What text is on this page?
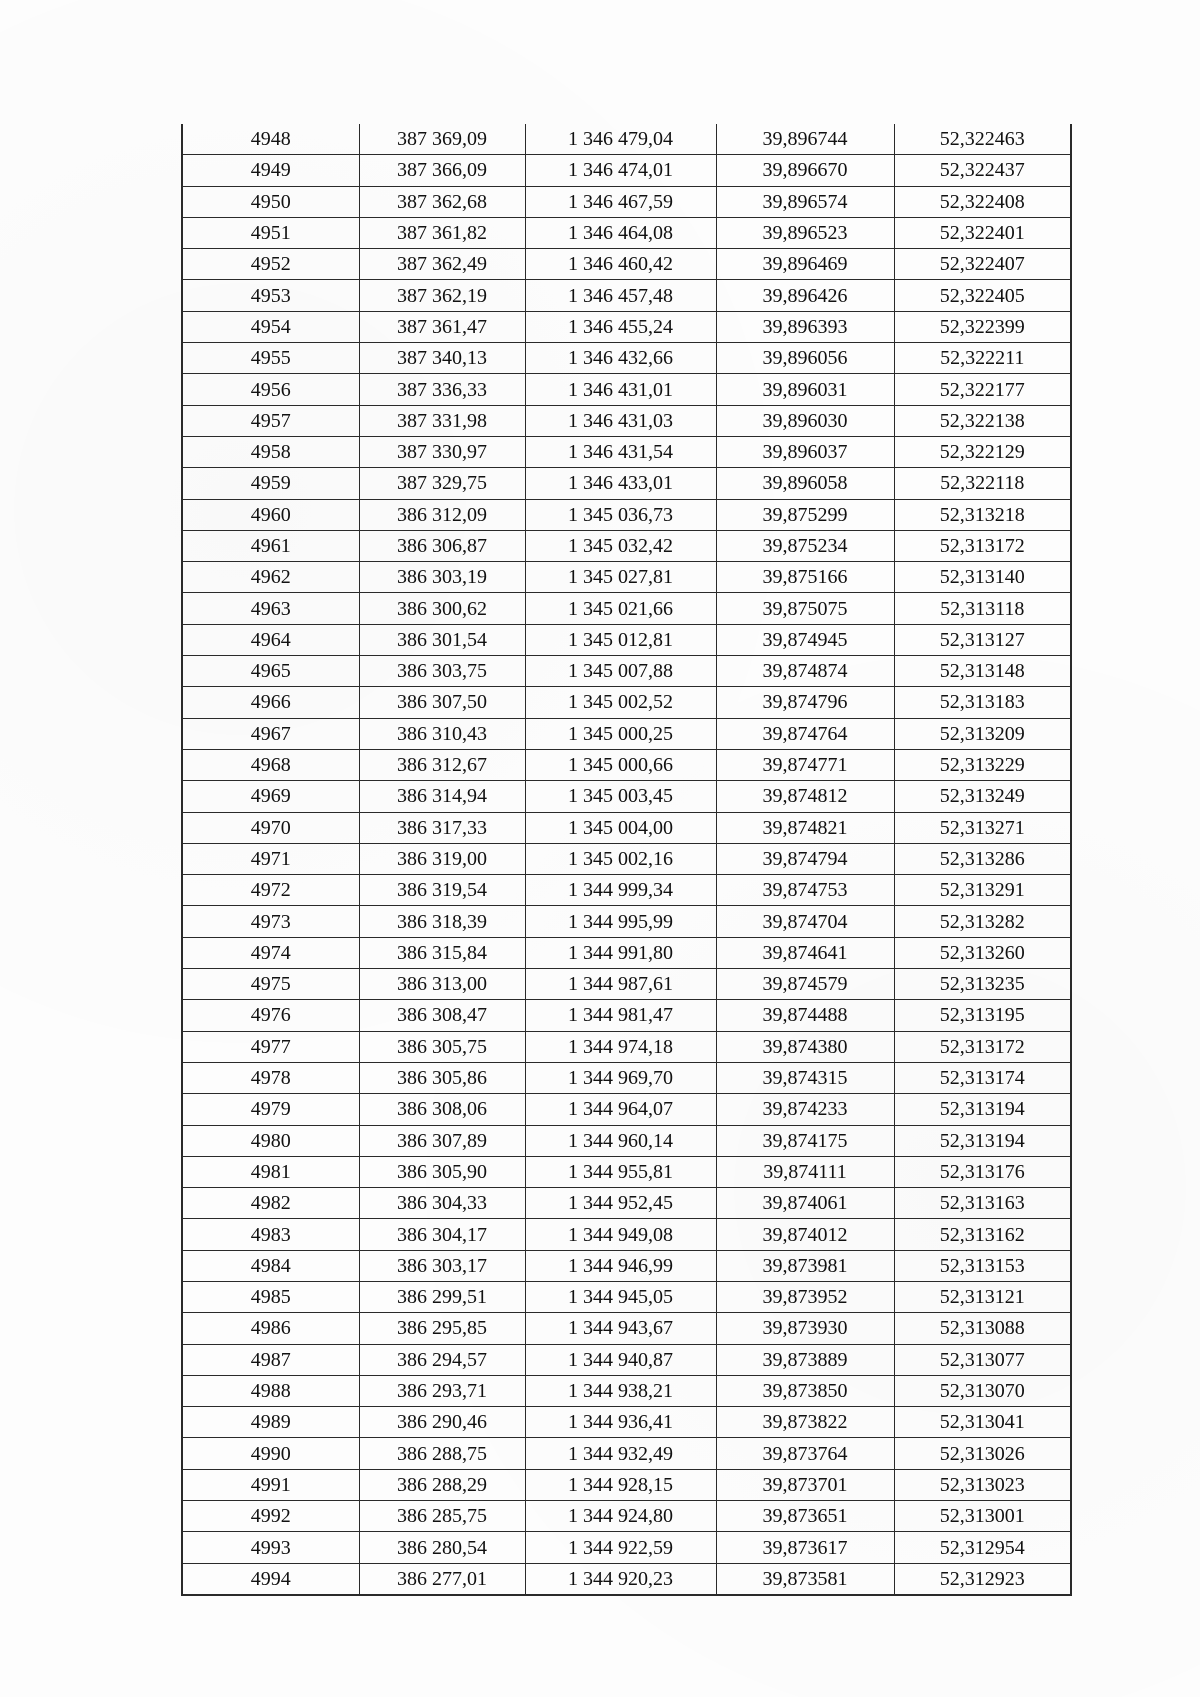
4948	387 369,09	1 346 479,04	39,896744	52,322463
4949	387 366,09	1 346 474,01	39,896670	52,322437
4950	387 362,68	1 346 467,59	39,896574	52,322408
4951	387 361,82	1 346 464,08	39,896523	52,322401
4952	387 362,49	1 346 460,42	39,896469	52,322407
4953	387 362,19	1 346 457,48	39,896426	52,322405
4954	387 361,47	1 346 455,24	39,896393	52,322399
4955	387 340,13	1 346 432,66	39,896056	52,322211
4956	387 336,33	1 346 431,01	39,896031	52,322177
4957	387 331,98	1 346 431,03	39,896030	52,322138
4958	387 330,97	1 346 431,54	39,896037	52,322129
4959	387 329,75	1 346 433,01	39,896058	52,322118
4960	386 312,09	1 345 036,73	39,875299	52,313218
4961	386 306,87	1 345 032,42	39,875234	52,313172
4962	386 303,19	1 345 027,81	39,875166	52,313140
4963	386 300,62	1 345 021,66	39,875075	52,313118
4964	386 301,54	1 345 012,81	39,874945	52,313127
4965	386 303,75	1 345 007,88	39,874874	52,313148
4966	386 307,50	1 345 002,52	39,874796	52,313183
4967	386 310,43	1 345 000,25	39,874764	52,313209
4968	386 312,67	1 345 000,66	39,874771	52,313229
4969	386 314,94	1 345 003,45	39,874812	52,313249
4970	386 317,33	1 345 004,00	39,874821	52,313271
4971	386 319,00	1 345 002,16	39,874794	52,313286
4972	386 319,54	1 344 999,34	39,874753	52,313291
4973	386 318,39	1 344 995,99	39,874704	52,313282
4974	386 315,84	1 344 991,80	39,874641	52,313260
4975	386 313,00	1 344 987,61	39,874579	52,313235
4976	386 308,47	1 344 981,47	39,874488	52,313195
4977	386 305,75	1 344 974,18	39,874380	52,313172
4978	386 305,86	1 344 969,70	39,874315	52,313174
4979	386 308,06	1 344 964,07	39,874233	52,313194
4980	386 307,89	1 344 960,14	39,874175	52,313194
4981	386 305,90	1 344 955,81	39,874111	52,313176
4982	386 304,33	1 344 952,45	39,874061	52,313163
4983	386 304,17	1 344 949,08	39,874012	52,313162
4984	386 303,17	1 344 946,99	39,873981	52,313153
4985	386 299,51	1 344 945,05	39,873952	52,313121
4986	386 295,85	1 344 943,67	39,873930	52,313088
4987	386 294,57	1 344 940,87	39,873889	52,313077
4988	386 293,71	1 344 938,21	39,873850	52,313070
4989	386 290,46	1 344 936,41	39,873822	52,313041
4990	386 288,75	1 344 932,49	39,873764	52,313026
4991	386 288,29	1 344 928,15	39,873701	52,313023
4992	386 285,75	1 344 924,80	39,873651	52,313001
4993	386 280,54	1 344 922,59	39,873617	52,312954
4994	386 277,01	1 344 920,23	39,873581	52,312923
